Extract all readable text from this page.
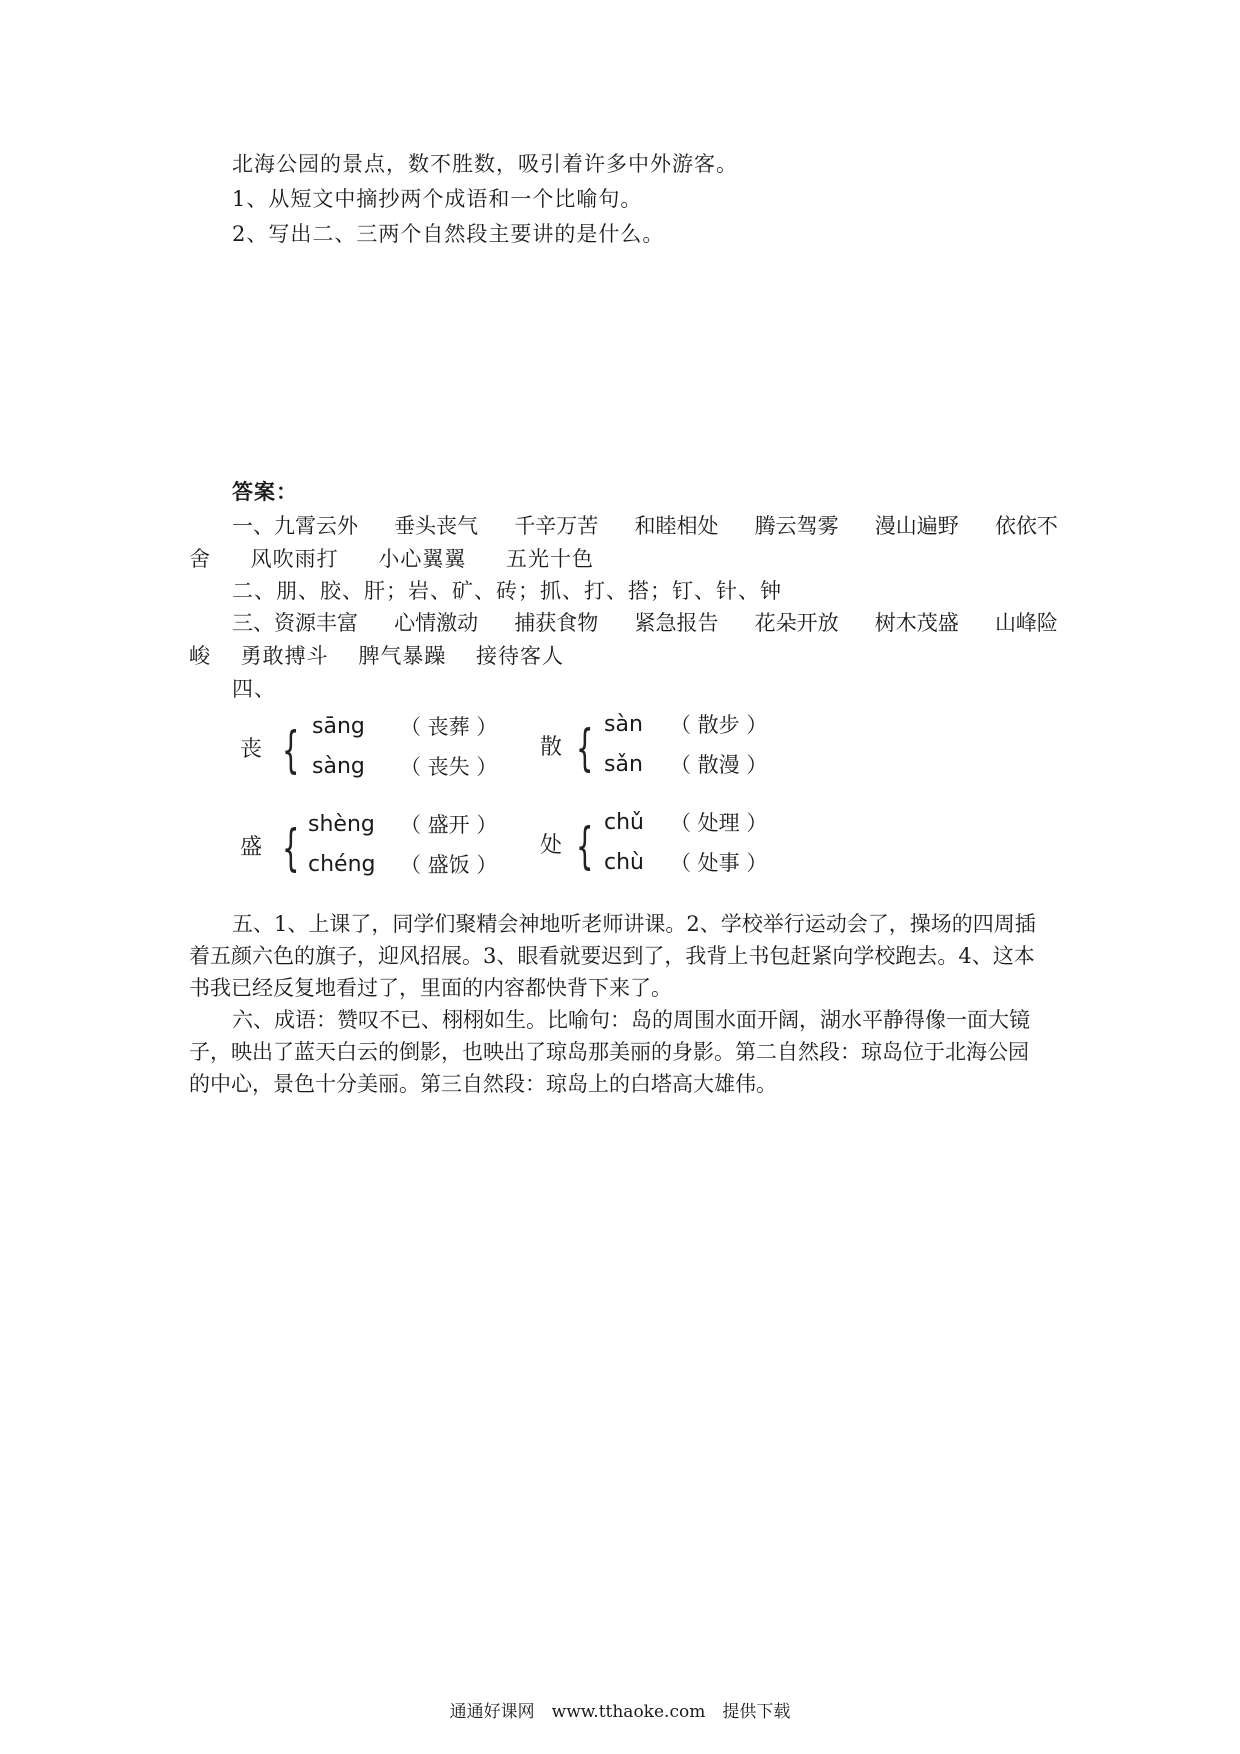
北海公园的景点，数不胜数，吸引着许多中外游客。
1、从短文中摘抄两个成语和一个比喻句。
2、写出二、三两个自然段主要讲的是什么。
答案：
一、九霄云外 垂头丧气 千辛万苦 和睦相处 腾云驾雾 漫山遍野 依依不
舍　 风吹雨打　 小心翼翼　 五光十色
二、朋、胶、肝；岩、矿、砖；抓、打、搭；钉、针、钟
三、资源丰富 心情激动 捕获食物 紧急报告 花朵开放 树木茂盛 山峰险
峻　 勇敢搏斗　 脾气暴躁　 接待客人
四、
丧 { sāng （ 丧葬 ）
sàng （ 丧失 ）
散 { sàn （ 散步 ）
sǎn （ 散漫 ）
盛 { shèng （ 盛开 ）
chéng （ 盛饭 ）
处 { chǔ （ 处理 ）
chù （ 处事 ）
五、1、上课了，同学们聚精会神地听老师讲课。2、学校举行运动会了，操场的四周插
着五颜六色的旗子，迎风招展。3、眼看就要迟到了，我背上书包赶紧向学校跑去。4、这本
书我已经反复地看过了，里面的内容都快背下来了。
六、成语：赞叹不已、栩栩如生。比喻句：岛的周围水面开阔，湖水平静得像一面大镜
子，映出了蓝天白云的倒影，也映出了琼岛那美丽的身影。第二自然段：琼岛位于北海公园
的中心，景色十分美丽。第三自然段：琼岛上的白塔高大雄伟。
通通好课网　www.tthaoke.com　提供下载
